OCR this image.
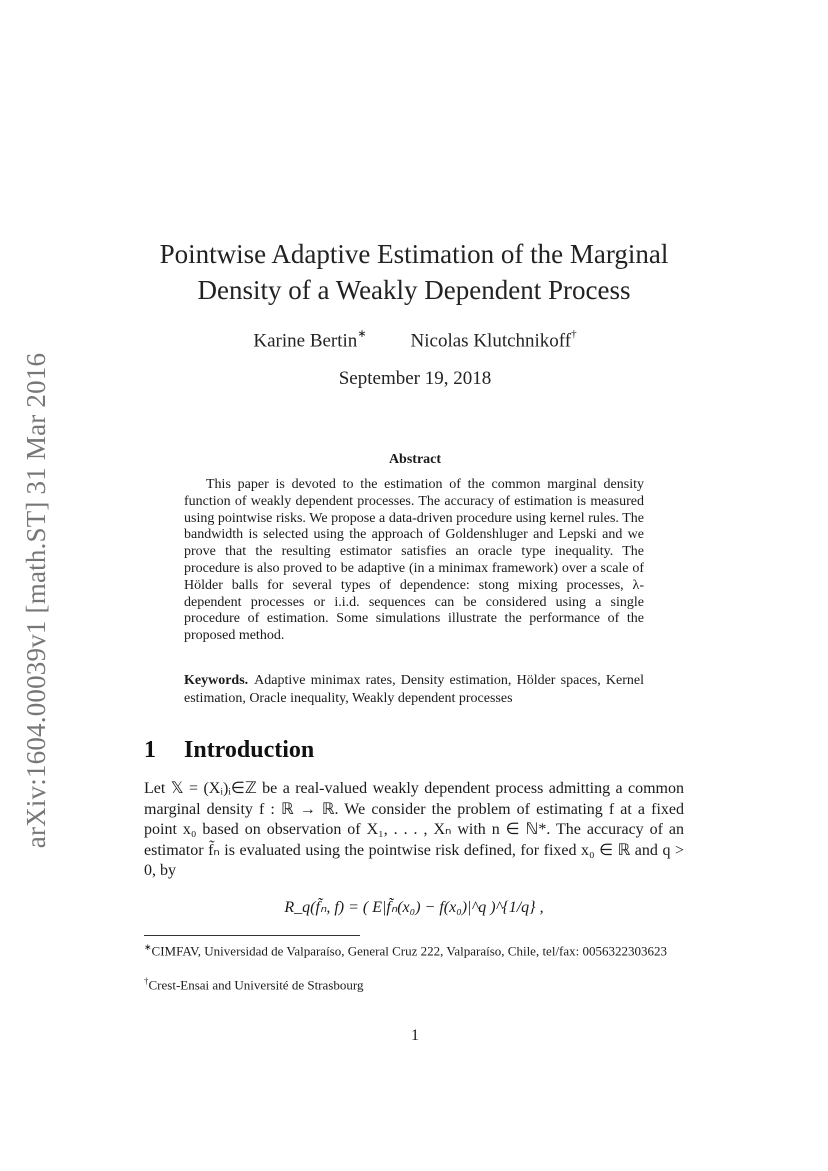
arXiv:1604.00039v1 [math.ST] 31 Mar 2016
Pointwise Adaptive Estimation of the Marginal
Density of a Weakly Dependent Process
Karine Bertin∗ Nicolas Klutchnikoff†
September 19, 2018
Abstract

This paper is devoted to the estimation of the common marginal density function of weakly dependent processes. The accuracy of estimation is measured using pointwise risks. We propose a data-driven procedure using kernel rules. The bandwidth is selected using the approach of Goldenshluger and Lepski and we prove that the resulting estimator satisfies an oracle type inequality. The procedure is also proved to be adaptive (in a minimax framework) over a scale of Hölder balls for several types of dependence: stong mixing processes, λ-dependent processes or i.i.d. sequences can be considered using a single procedure of estimation. Some simulations illustrate the performance of the proposed method.

Keywords. Adaptive minimax rates, Density estimation, Hölder spaces, Kernel estimation, Oracle inequality, Weakly dependent processes

1 Introduction

Let 𝕏 = (Xᵢ)ᵢ∈ℤ be a real-valued weakly dependent process admitting a common marginal density f : ℝ → ℝ. We consider the problem of estimating f at a fixed point x₀ based on observation of X₁, . . . , Xₙ with n ∈ ℕ*. The accuracy of an estimator f̃ₙ is evaluated using the pointwise risk defined, for fixed x₀ ∈ ℝ and q > 0, by

R_q(f̃ₙ, f) = ( E|f̃ₙ(x₀) − f(x₀)|^q )^{1/q} ,

∗CIMFAV, Universidad de Valparaíso, General Cruz 222, Valparaíso, Chile, tel/fax: 0056322303623

†Crest-Ensai and Université de Strasbourg

1
